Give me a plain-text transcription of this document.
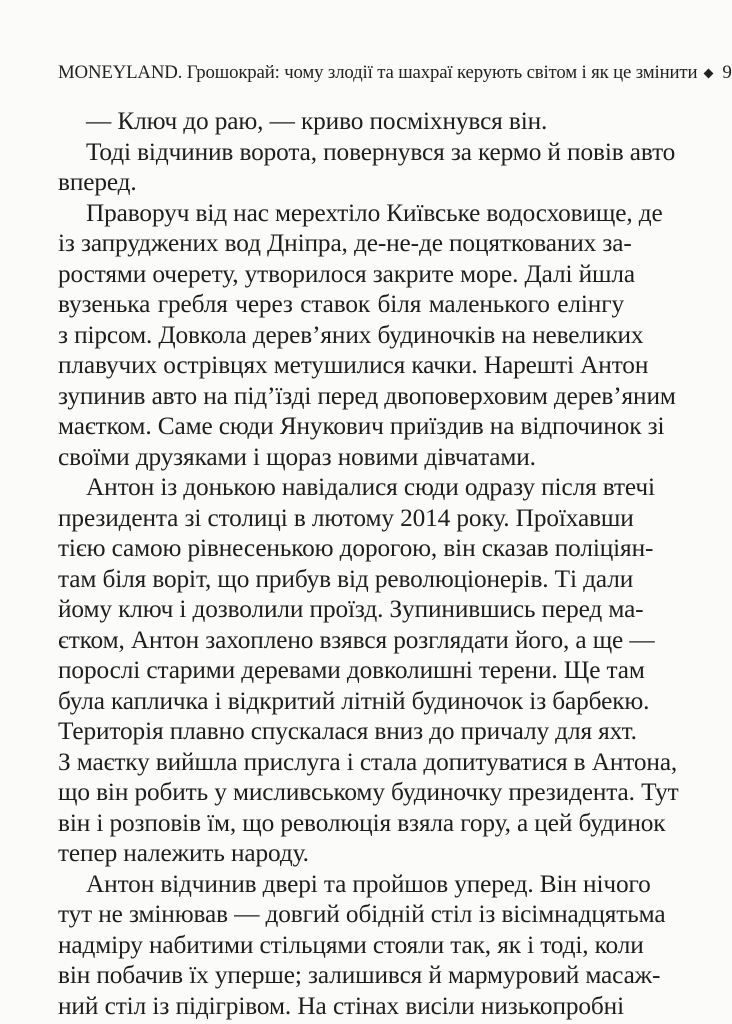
MONEYLAND. Грошокрай: чому злодії та шахраї керують світом і як це змінити 9

— Ключ до раю, — криво посміхнувся він.

Тоді відчинив ворота, повернувся за кермо й повів авто
вперед.

Праворуч від нас мерехтіло Київське водосховище, де
із запруджених вод Дніпра, де-не-де поцяткованих за-
ростями очерету, утворилося закрите море. Далі йшла
вузенька гребля через ставок біля маленького елінгу
з пірсом. Довкола дерев’яних будиночків на невеликих
плавучих острівцях метушилися качки. Нарешті Антон
зупинив авто на під’їзді перед двоповерховим дерев’яним
маєтком. Саме сюди Янукович приїздив на відпочинок зі
своїми друзяками і щораз новими дівчатами.

Антон із донькою навідалися сюди одразу після втечі
президента зі столиці в лютому 2014 року. Проїхавши
тією самою рівнесенькою дорогою, він сказав поліціян-
там біля воріт, що прибув від революціонерів. Ті дали
йому ключ і дозволили проїзд. Зупинившись перед ма-
єтком, Антон захоплено взявся розглядати його, а ще —
порослі старими деревами довколишні терени. Ще там
була капличка і відкритий літній будиночок із барбекю.
Територія плавно спускалася вниз до причалу для яхт.
З маєтку вийшла прислуга і стала допитуватися в Антона,
що він робить у мисливському будиночку президента. Тут
він і розповів їм, що революція взяла гору, а цей будинок
тепер належить народу.

Антон відчинив двері та пройшов уперед. Він нічого
тут не змінював — довгий обідній стіл із вісімнадцятьма
надміру набитими стільцями стояли так, як і тоді, коли
він побачив їх уперше; залишився й мармуровий масаж-
ний стіл із підігрівом. На стінах висіли низькопробні
